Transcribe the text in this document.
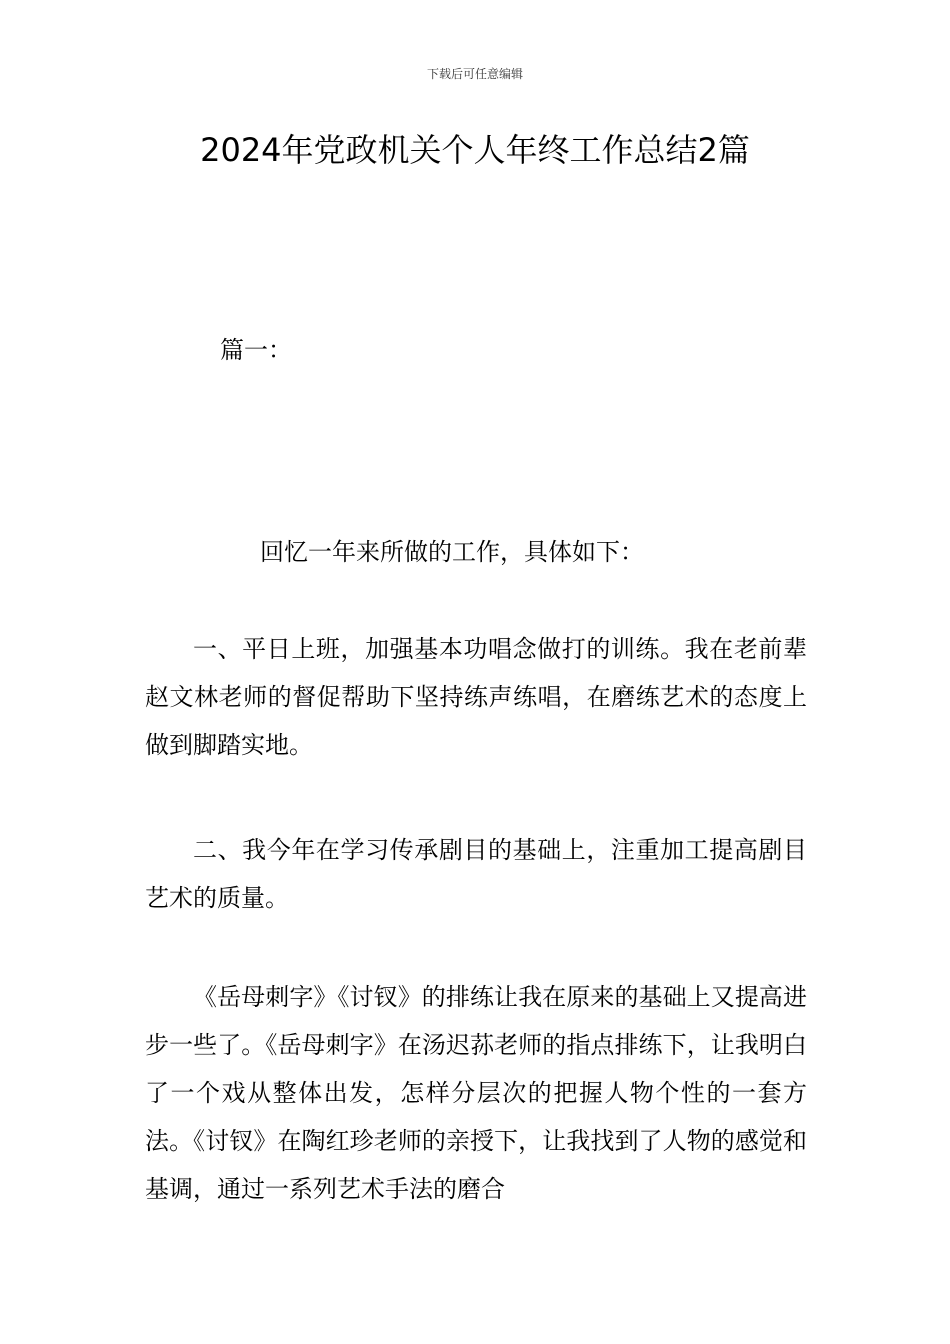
下载后可任意编辑
2024年党政机关个人年终工作总结2篇
篇一：

回忆一年来所做的工作，具体如下：

一、平日上班，加强基本功唱念做打的训练。我在老前辈赵文林老师的督促帮助下坚持练声练唱，在磨练艺术的态度上做到脚踏实地。

二、我今年在学习传承剧目的基础上，注重加工提高剧目艺术的质量。

《岳母刺字》《讨钗》的排练让我在原来的基础上又提高进步一些了。《岳母刺字》在汤迟荪老师的指点排练下，让我明白了一个戏从整体出发，怎样分层次的把握人物个性的一套方法。《讨钗》在陶红珍老师的亲授下，让我找到了人物的感觉和基调，通过一系列艺术手法的磨合
